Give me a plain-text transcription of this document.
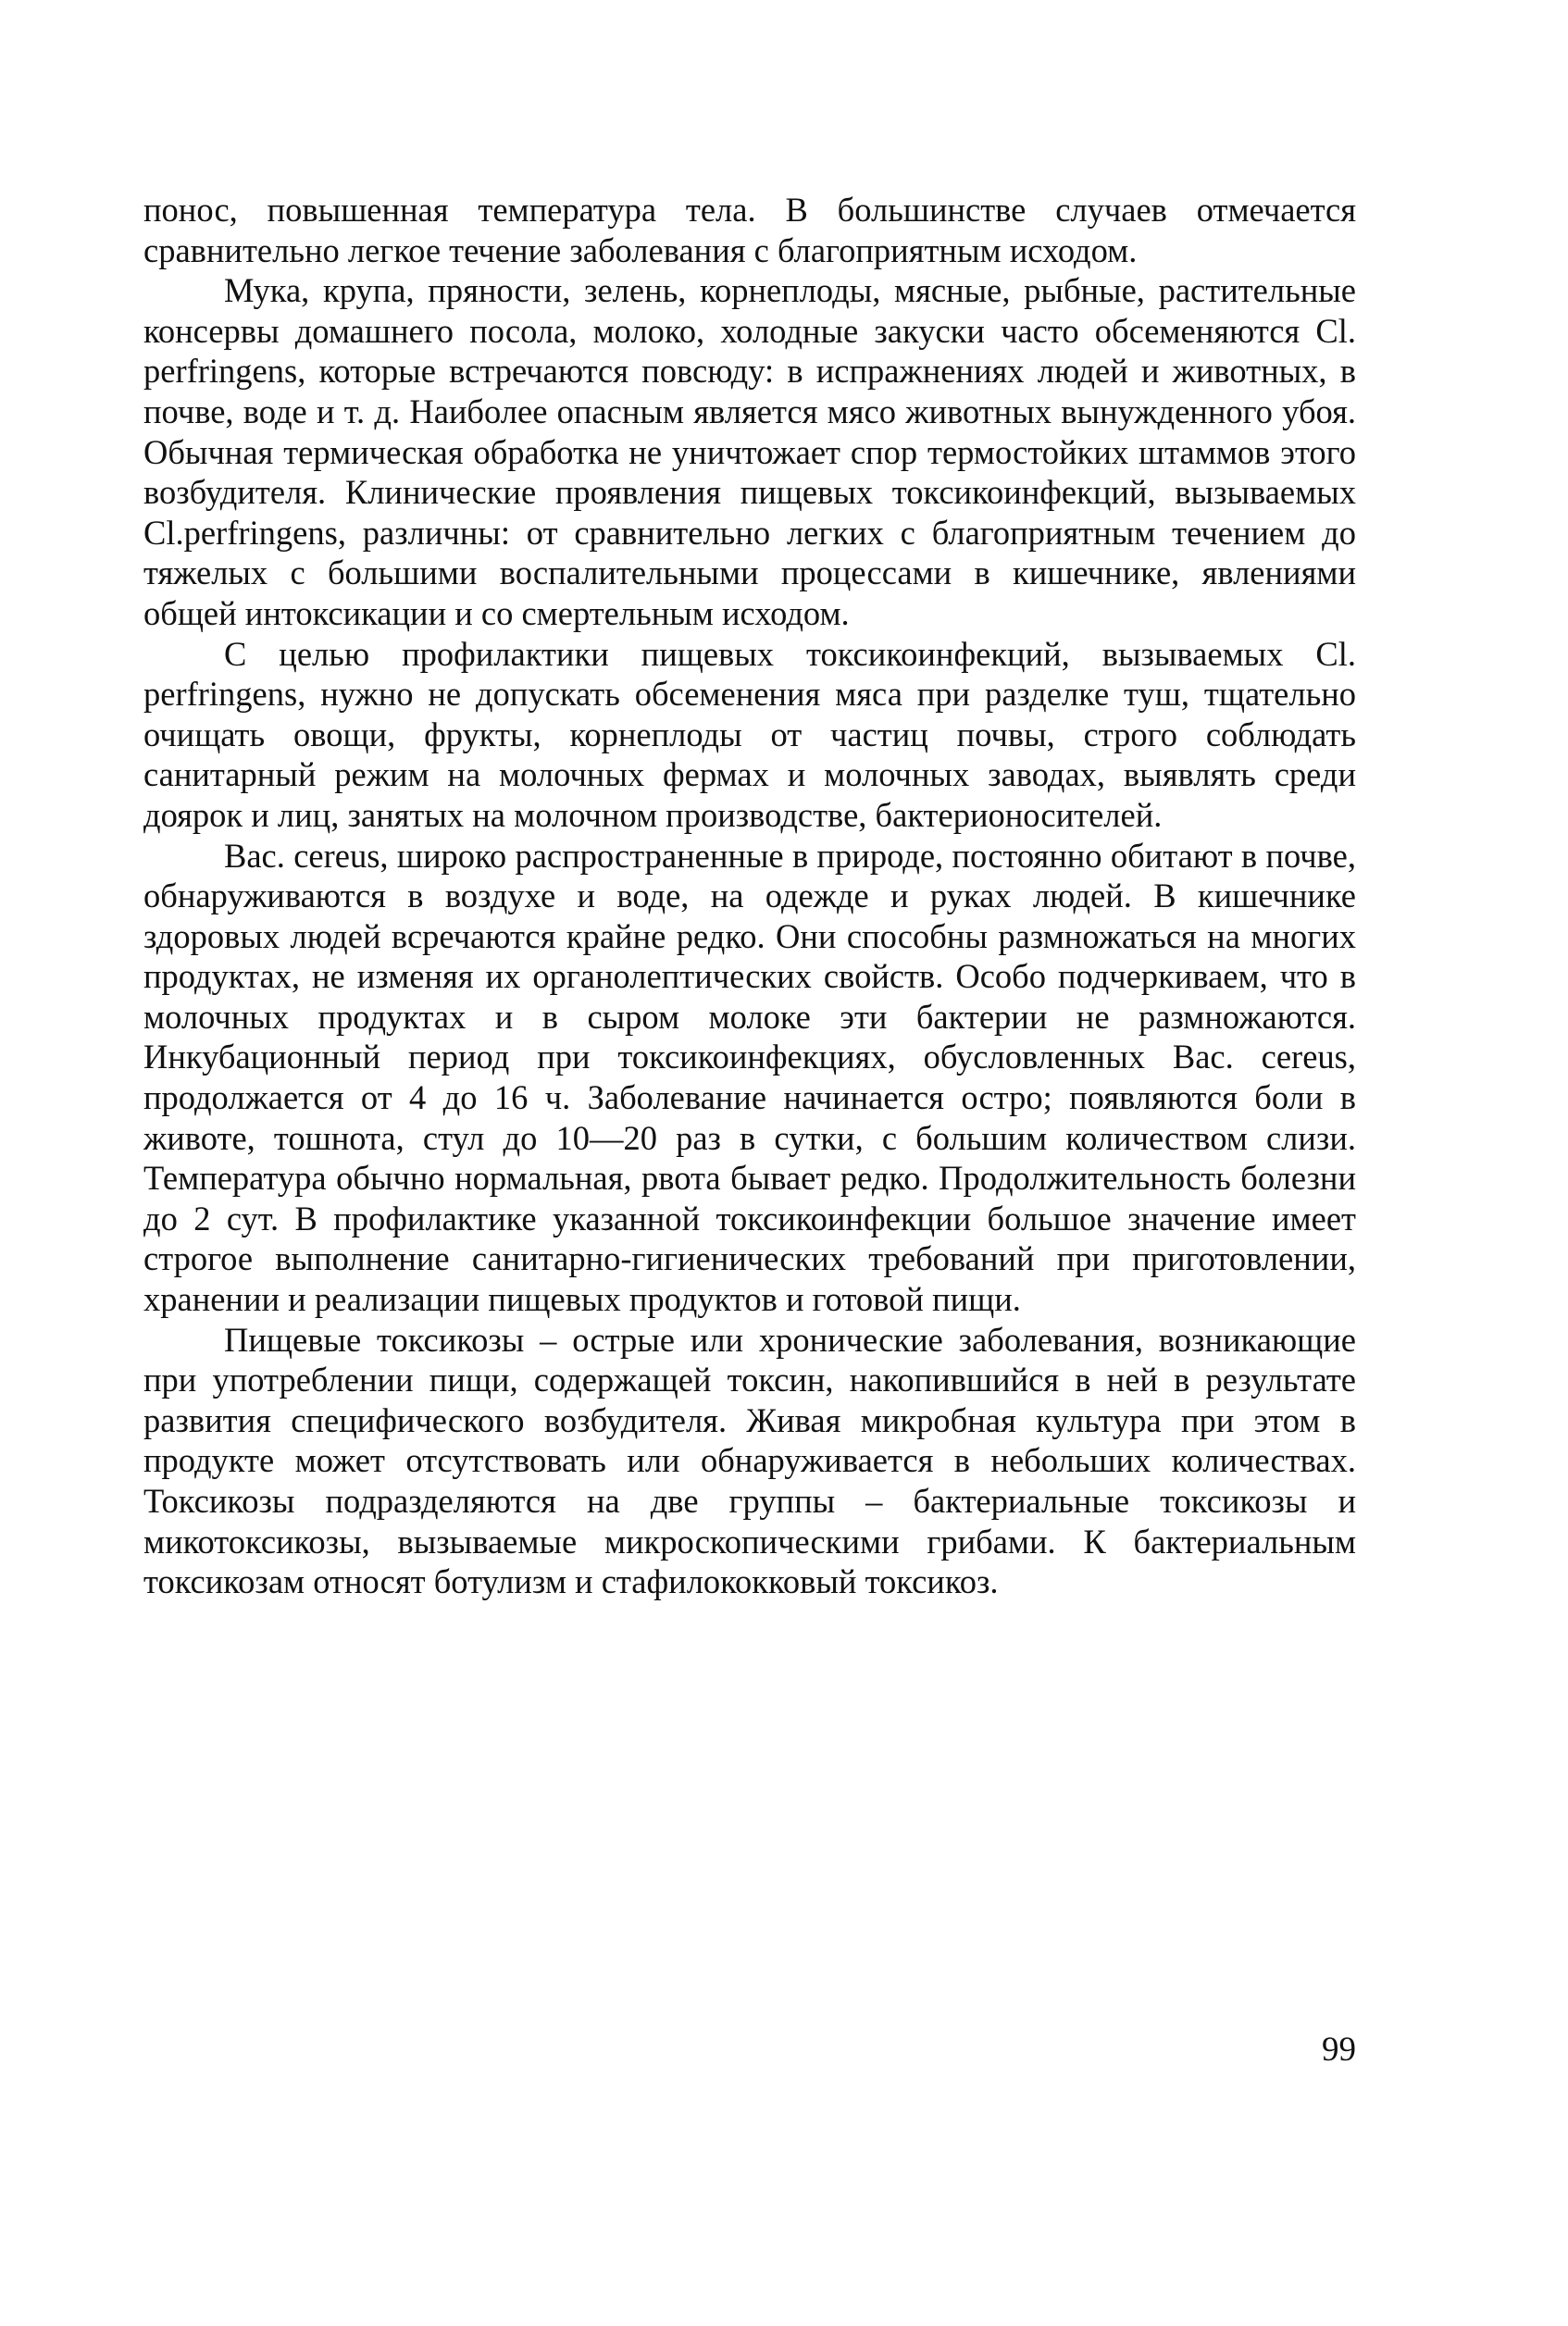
понос, повышенная температура тела. В большинстве случаев отмечается сравнительно легкое течение заболевания с благоприятным исходом.

Мука, крупа, пряности, зелень, корнеплоды, мясные, рыбные, растительные консервы домашнего посола, молоко, холодные закуски часто обсеменяются Cl. perfringens, которые встречаются повсюду: в испражнениях людей и животных, в почве, воде и т. д. Наиболее опасным является мясо животных вынужденного убоя. Обычная термическая обработка не уничтожает спор термостойких штаммов этого возбудителя. Клинические проявления пищевых токсикоинфекций, вызываемых Cl.perfringens, различны: от сравнительно легких с благоприятным течением до тяжелых с большими воспалительными процессами в кишечнике, явлениями общей интоксикации и со смертельным исходом.

С целью профилактики пищевых токсикоинфекций, вызываемых Cl. perfringens, нужно не допускать обсеменения мяса при разделке туш, тщательно очищать овощи, фрукты, корнеплоды от частиц почвы, строго соблюдать санитарный режим на молочных фермах и молочных заводах, выявлять среди доярок и лиц, занятых на молочном производстве, бактерионосителей.

Bac. cereus, широко распространенные в природе, постоянно обитают в почве, обнаруживаются в воздухе и воде, на одежде и руках людей. В кишечнике здоровых людей всречаются крайне редко. Они способны размножаться на многих продуктах, не изменяя их органолептических свойств. Особо подчеркиваем, что в молочных продуктах и в сыром молоке эти бактерии не размножаются. Инкубационный период при токсикоинфекциях, обусловленных Bac. cereus, продолжается от 4 до 16 ч. Заболевание начинается остро; появляются боли в животе, тошнота, стул до 10—20 раз в сутки, с большим количеством слизи. Температура обычно нормальная, рвота бывает редко. Продолжительность болезни до 2 сут. В профилактике указанной токсикоинфекции большое значение имеет строгое выполнение санитарно-гигиенических требований при приготовлении, хранении и реализации пищевых продуктов и готовой пищи.

Пищевые токсикозы – острые или хронические заболевания, возникающие при употреблении пищи, содержащей токсин, накопившийся в ней в результате развития специфического возбудителя. Живая микробная культура при этом в продукте может отсутствовать или обнаруживается в небольших количествах. Токсикозы подразделяются на две группы – бактериальные токсикозы и микотоксикозы, вызываемые микроскопическими грибами. К бактериальным токсикозам относят ботулизм и стафилококковый токсикоз.

99
